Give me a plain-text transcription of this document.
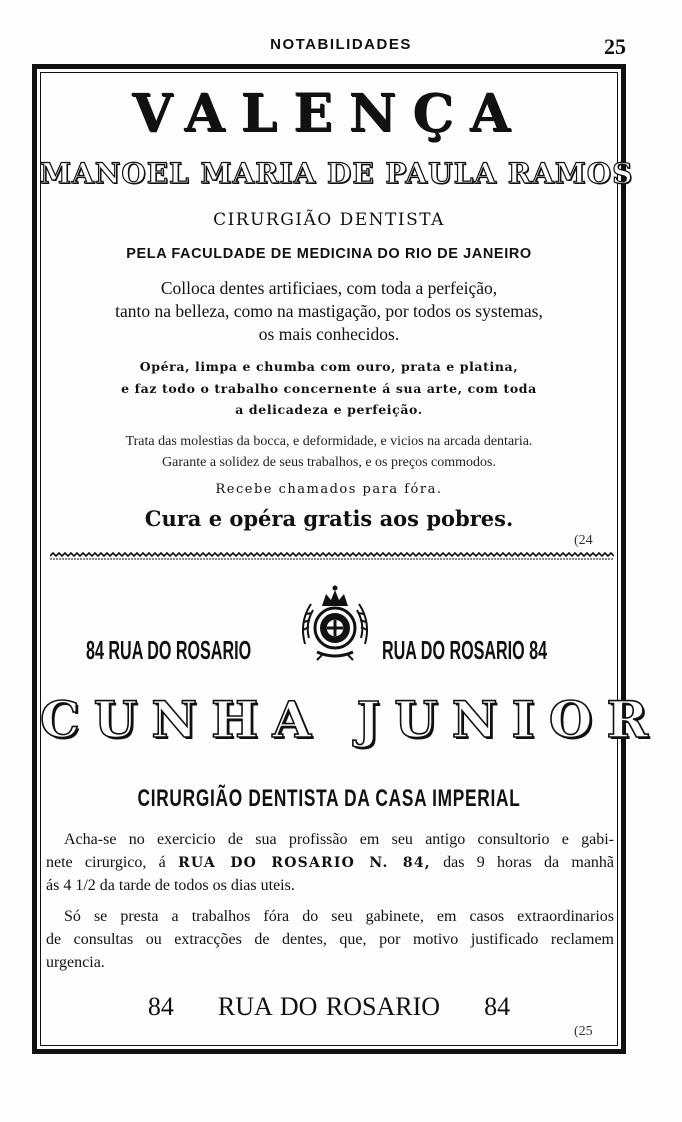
NOTABILIDADES	25
VALENÇA
MANOEL MARIA DE PAULA RAMOS
CIRURGIÃO DENTISTA
PELA FACULDADE DE MEDICINA DO RIO DE JANEIRO
Colloca dentes artificiaes, com toda a perfeição,
tanto na belleza, como na mastigação, por todos os systemas,
os mais conhecidos.
Opéra, limpa e chumba com ouro, prata e platina,
e faz todo o trabalho concernente á sua arte, com toda
a delicadeza e perfeição.
Trata das molestias da bocca, e deformidade, e vicios na arcada dentaria.
Garante a solidez de seus trabalhos, e os preços commodos.
Recebe chamados para fóra.
Cura e opéra gratis aos pobres.
(24
84 RUA DO ROSARIO	RUA DO ROSARIO 84
CUNHA JUNIOR
CIRURGIÃO DENTISTA DA CASA IMPERIAL
Acha-se no exercicio de sua profissão em seu antigo consultorio e gabi-
nete cirurgico, á RUA DO ROSARIO N. 84, das 9 horas da manhã
ás 4 1/2 da tarde de todos os dias uteis.
Só se presta a trabalhos fóra do seu gabinete, em casos extraordinarios
de consultas ou extracções de dentes, que, por motivo justificado reclamem
urgencia.
84 RUA DO ROSARIO 84
(25
